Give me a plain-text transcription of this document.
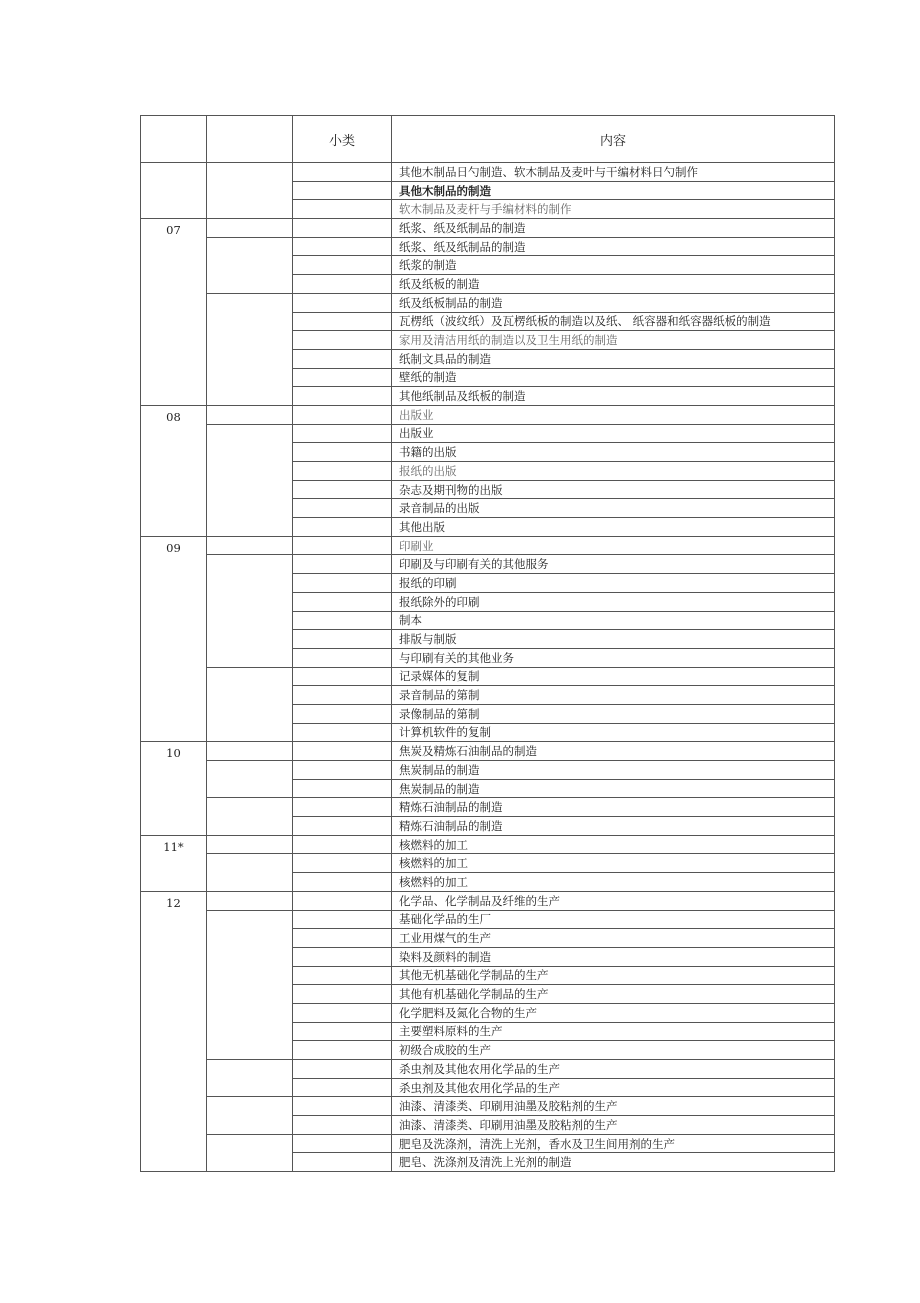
		小类	内容
			其他木制品日勺制造、软木制品及麦叶与干编材料日勺制作
			具他木制品的制造
			软木制品及麦杆与手编材料的制作
07			纸浆、纸及纸制品的制造
			纸浆、纸及纸制品的制造
			纸浆的制造
			纸及纸板的制造
			纸及纸板制品的制造
			瓦楞纸（波纹纸）及瓦楞纸板的制造以及纸、 纸容器和纸容器纸板的制造
			家用及清洁用纸的制造以及卫生用纸的制造
			纸制文具品的制造
			壁纸的制造
			其他纸制品及纸板的制造
08			出版业
			出版业
			书籍的出版
			报纸的出版
			杂志及期刊物的出版
			录音制品的出版
			其他出版
09			印刷业
			印刷及与印刷有关的其他服务
			报纸的印刷
			报纸除外的印刷
			制本
			排版与制版
			与印刷有关的其他业务
			记录媒体的复制
			录音制品的第制
			录像制品的第制
			计算机软件的复制
10			焦炭及精炼石油制品的制造
			焦炭制品的制造
			焦炭制品的制造
			精炼石油制品的制造
			精炼石油制品的制造
11*			核燃料的加工
			核燃料的加工
			核燃料的加工
12			化学品、化学制品及纤维的生产
			基础化学品的生厂
			工业用煤气的生产
			染料及颜料的制造
			其他无机基础化学制品的生产
			其他有机基础化学制品的生产
			化学肥料及氮化合物的生产
			主要塑料原料的生产
			初级合成胶的生产
			杀虫剂及其他农用化学品的生产
			杀虫剂及其他农用化学品的生产
			油漆、清漆类、印刷用油墨及胶粘剂的生产
			油漆、清漆类、印刷用油墨及胶粘剂的生产
			肥皂及洗涤剂，清洗上光剂，香水及卫生间用剂的生产
			肥皂、洗涤剂及清洗上光剂的制造
